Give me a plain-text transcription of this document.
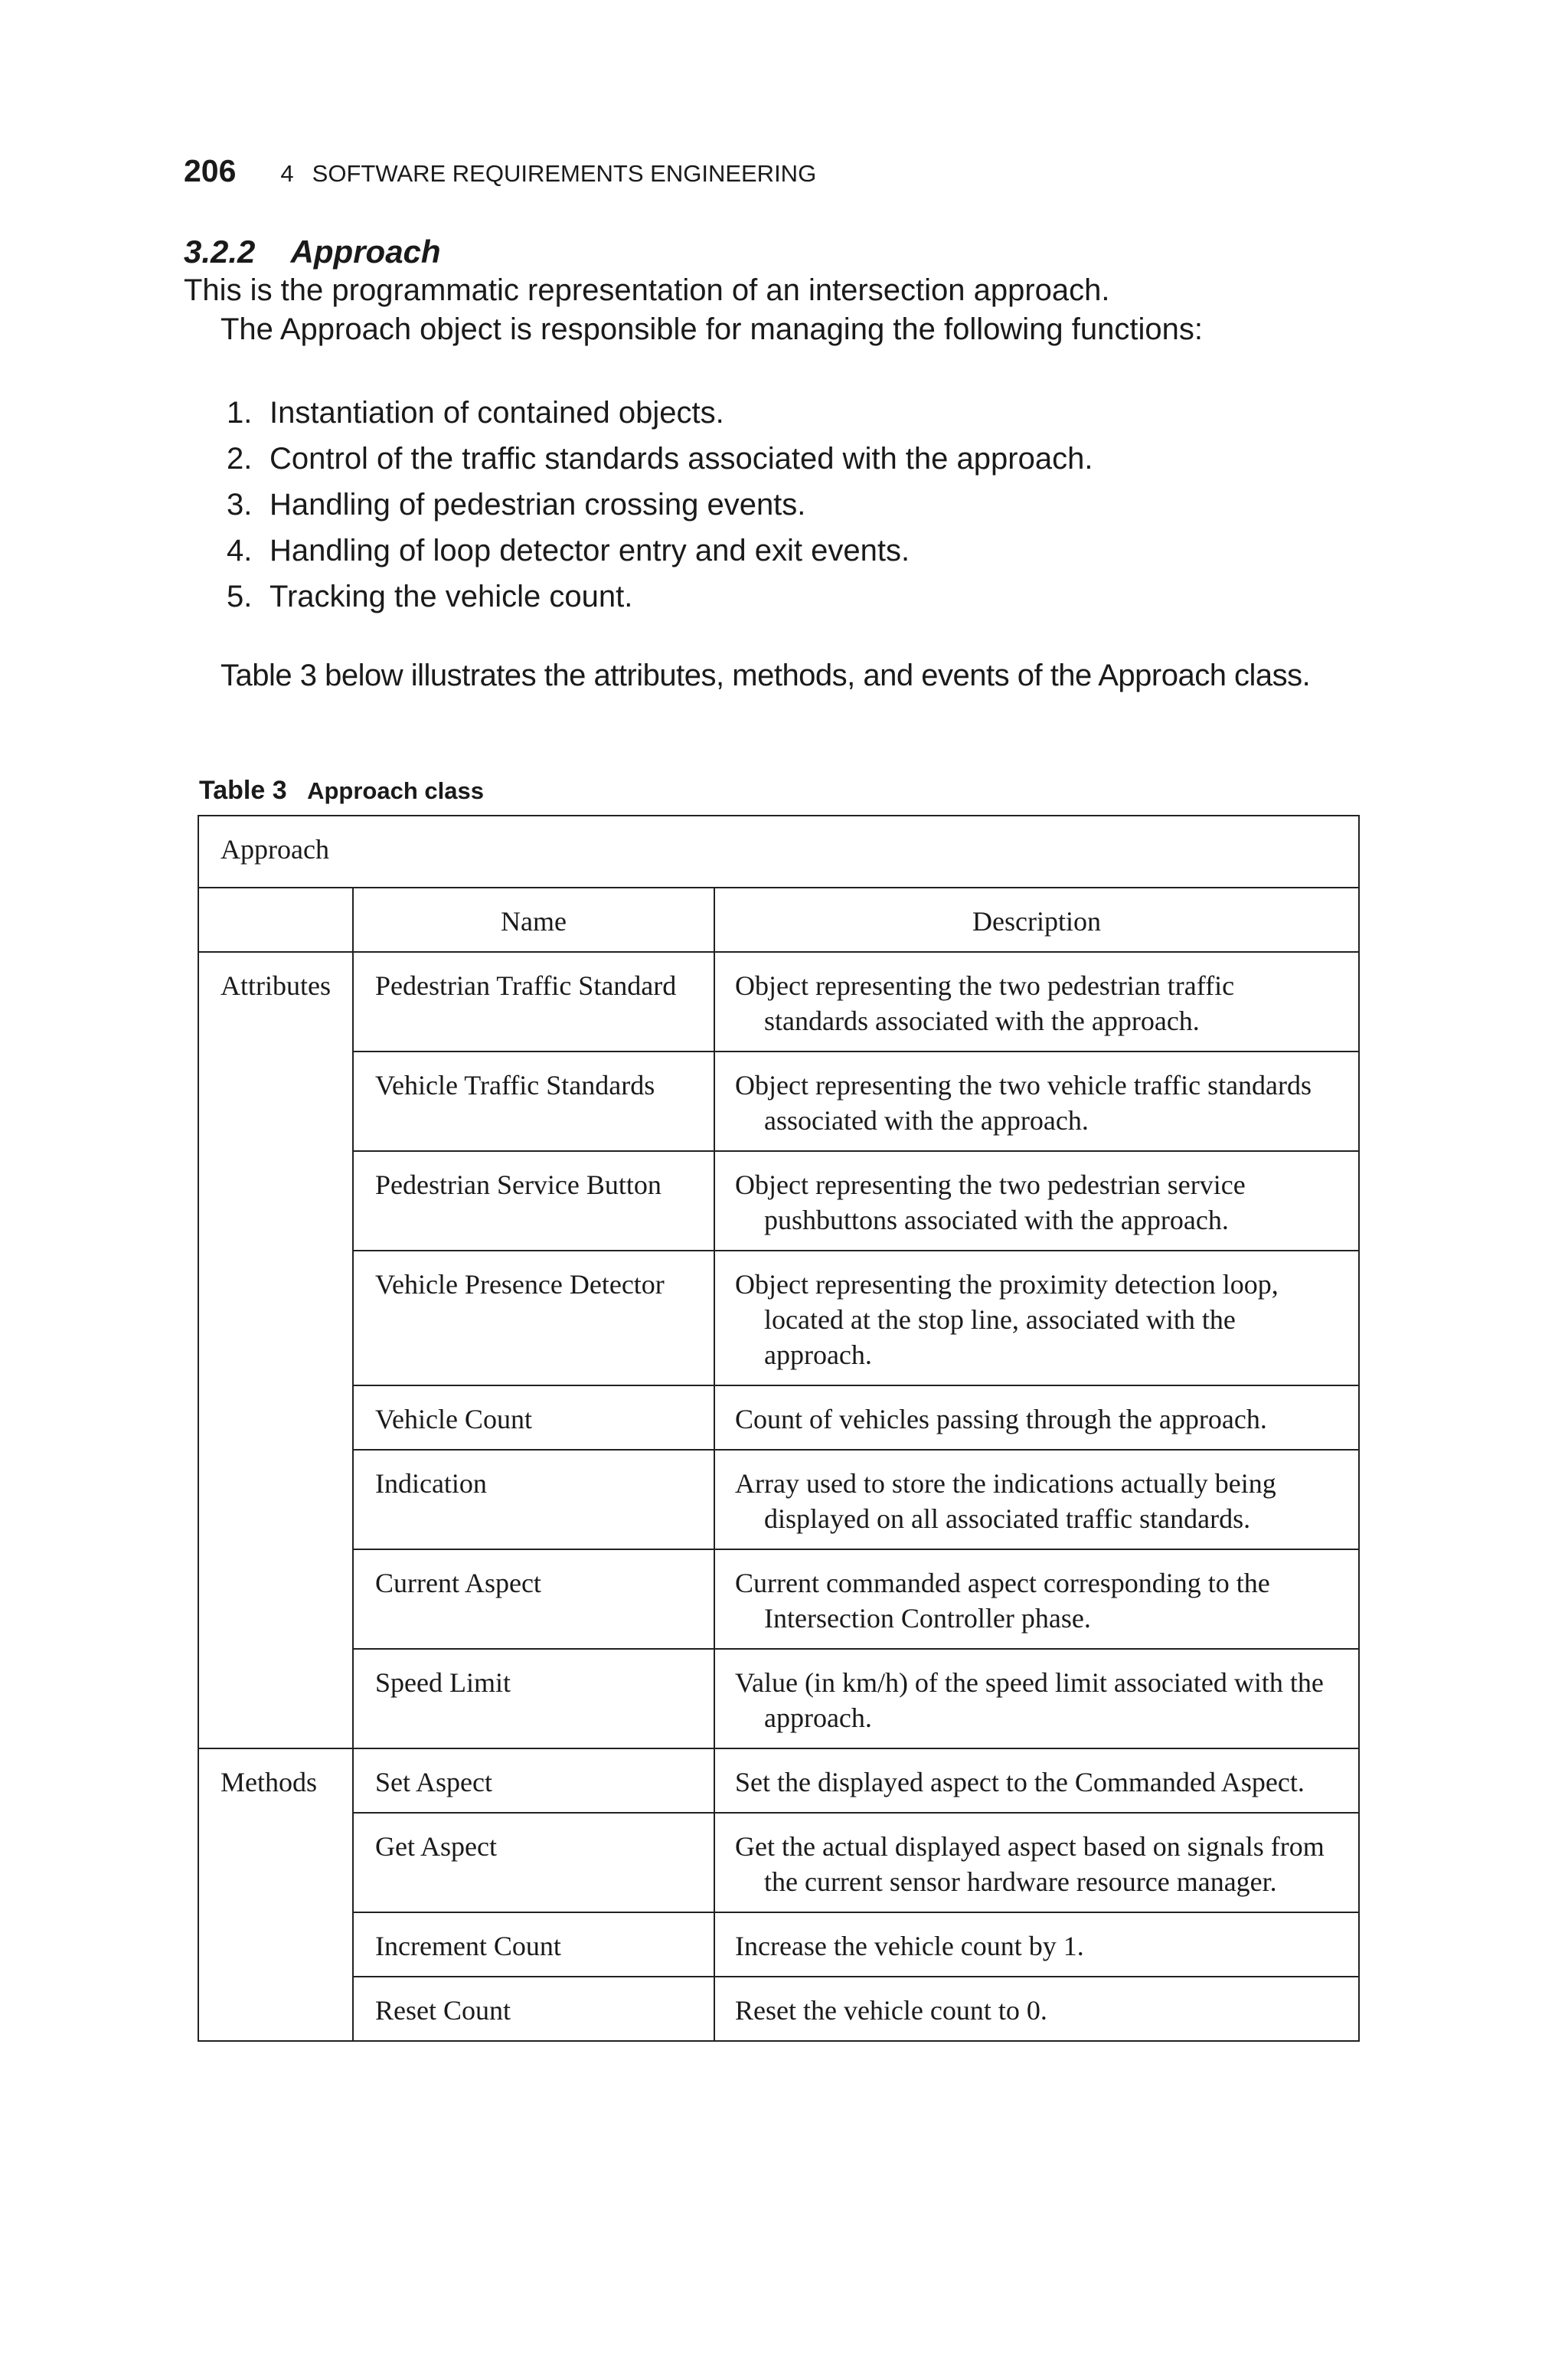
206 4 SOFTWARE REQUIREMENTS ENGINEERING
3.2.2 Approach
This is the programmatic representation of an intersection approach.
The Approach object is responsible for managing the following functions:
1. Instantiation of contained objects.
2. Control of the traffic standards associated with the approach.
3. Handling of pedestrian crossing events.
4. Handling of loop detector entry and exit events.
5. Tracking the vehicle count.
Table 3 below illustrates the attributes, methods, and events of the Approach class.
Table 3 Approach class
Approach		
	Name	Description
Attributes	Pedestrian Traffic Standard	Object representing the two pedestrian traffic standards associated with the approach.
	Vehicle Traffic Standards	Object representing the two vehicle traffic standards associated with the approach.
	Pedestrian Service Button	Object representing the two pedestrian service pushbuttons associated with the approach.
	Vehicle Presence Detector	Object representing the proximity detection loop, located at the stop line, associated with the approach.
	Vehicle Count	Count of vehicles passing through the approach.
	Indication	Array used to store the indications actually being displayed on all associated traffic standards.
	Current Aspect	Current commanded aspect corresponding to the Intersection Controller phase.
	Speed Limit	Value (in km/h) of the speed limit associated with the approach.
Methods	Set Aspect	Set the displayed aspect to the Commanded Aspect.
	Get Aspect	Get the actual displayed aspect based on signals from the current sensor hardware resource manager.
	Increment Count	Increase the vehicle count by 1.
	Reset Count	Reset the vehicle count to 0.
